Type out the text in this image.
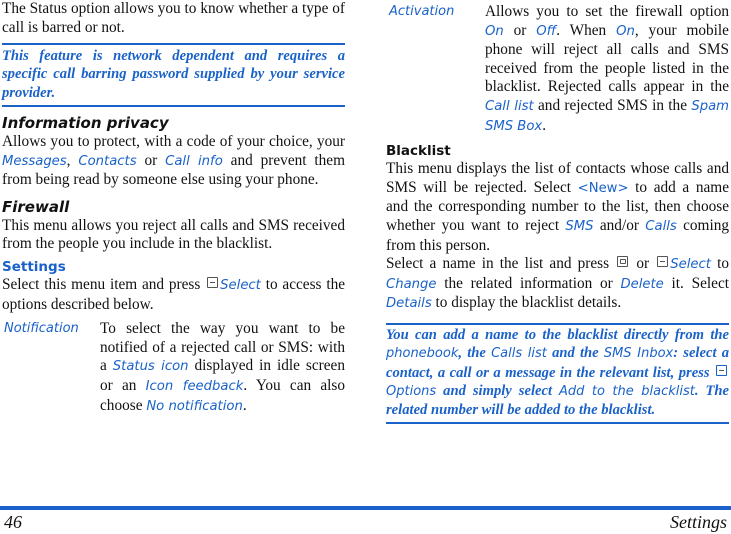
The Status option allows you to know whether a type of call is barred or not.

This feature is network dependent and requires a specific call barring password supplied by your service provider.

Information privacy

Allows you to protect, with a code of your choice, your Messages, Contacts or Call info and prevent them from being read by someone else using your phone.

Firewall

This menu allows you reject all calls and SMS received from the people you include in the blacklist.

Settings

Select this menu item and press Select to access the options described below.

Notification	To select the way you want to be notified of a rejected call or SMS: with a Status icon displayed in idle screen or an Icon feedback. You can also choose No notification.
Activation	Allows you to set the firewall option On or Off. When On, your mobile phone will reject all calls and SMS received from the people listed in the blacklist. Rejected calls appear in the Call list and rejected SMS in the Spam SMS Box.
Blacklist

This menu displays the list of contacts whose calls and SMS will be rejected. Select <New> to add a name and the corresponding number to the list, then choose whether you want to reject SMS and/or Calls coming from this person.

Select a name in the list and press  or Select to Change the related information or Delete it. Select Details to display the blacklist details.

You can add a name to the blacklist directly from the phonebook, the Calls list and the SMS Inbox: select a contact, a call or a message in the relevant list, press Options and simply select Add to the blacklist. The related number will be added to the blacklist.

46	Settings
